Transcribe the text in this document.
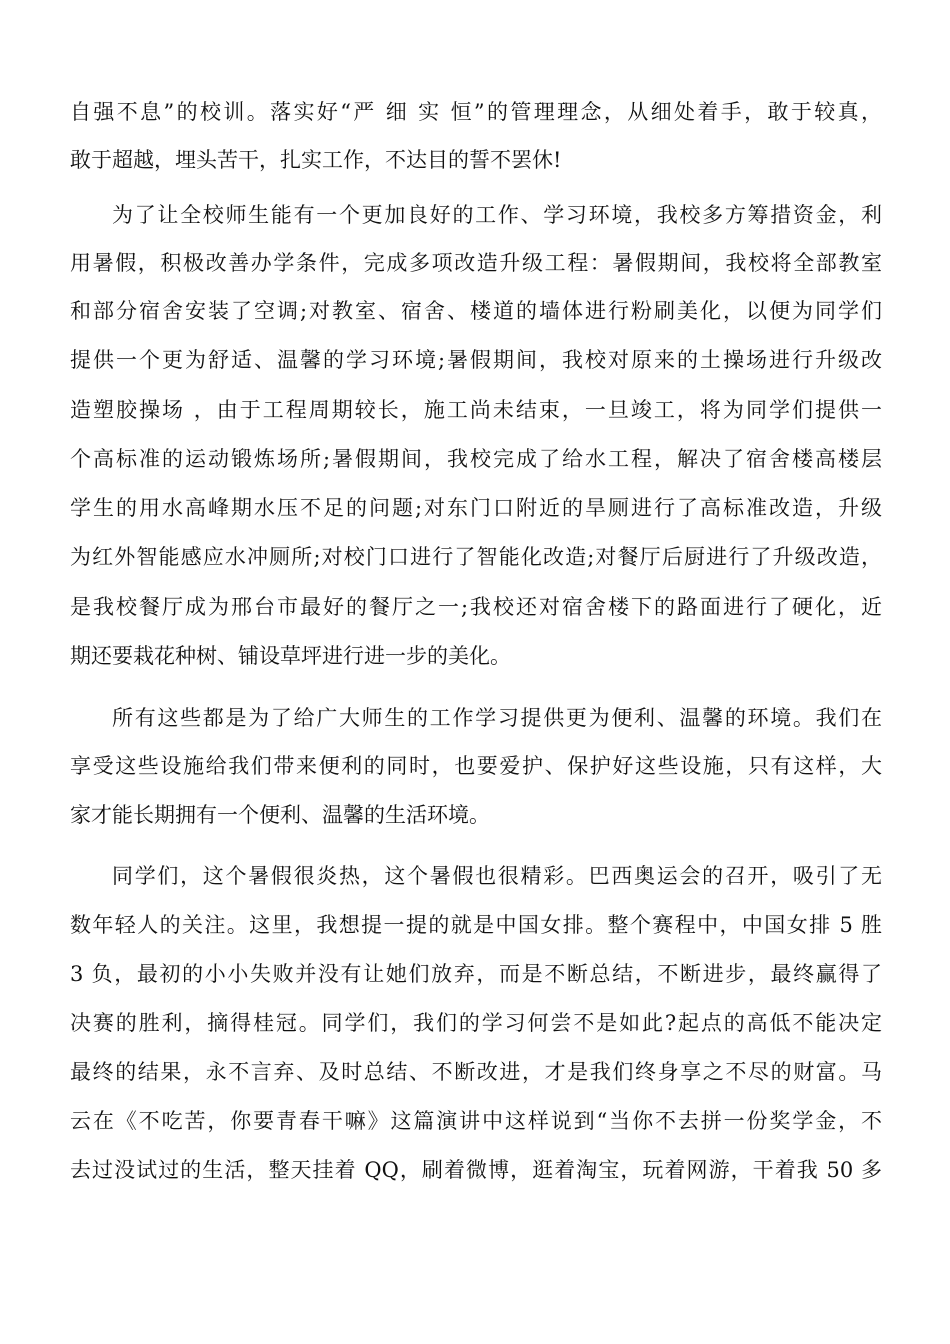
自强不息”的校训。落实好“严 细 实 恒”的管理理念，从细处着手，敢于较真，
敢于超越，埋头苦干，扎实工作，不达目的誓不罢休!
为了让全校师生能有一个更加良好的工作、学习环境，我校多方筹措资金，利
用暑假，积极改善办学条件，完成多项改造升级工程：暑假期间，我校将全部教室
和部分宿舍安装了空调;对教室、宿舍、楼道的墙体进行粉刷美化，以便为同学们
提供一个更为舒适、温馨的学习环境;暑假期间，我校对原来的土操场进行升级改
造塑胶操场 ，由于工程周期较长，施工尚未结束，一旦竣工，将为同学们提供一
个高标准的运动锻炼场所;暑假期间，我校完成了给水工程，解决了宿舍楼高楼层
学生的用水高峰期水压不足的问题;对东门口附近的旱厕进行了高标准改造，升级
为红外智能感应水冲厕所;对校门口进行了智能化改造;对餐厅后厨进行了升级改造，
是我校餐厅成为邢台市最好的餐厅之一;我校还对宿舍楼下的路面进行了硬化，近
期还要栽花种树、铺设草坪进行进一步的美化。
所有这些都是为了给广大师生的工作学习提供更为便利、温馨的环境。我们在
享受这些设施给我们带来便利的同时，也要爱护、保护好这些设施，只有这样，大
家才能长期拥有一个便利、温馨的生活环境。
同学们，这个暑假很炎热，这个暑假也很精彩。巴西奥运会的召开，吸引了无
数年轻人的关注。这里，我想提一提的就是中国女排。整个赛程中，中国女排 5 胜
3 负，最初的小小失败并没有让她们放弃，而是不断总结，不断进步，最终赢得了
决赛的胜利，摘得桂冠。同学们，我们的学习何尝不是如此?起点的高低不能决定
最终的结果，永不言弃、及时总结、不断改进，才是我们终身享之不尽的财富。马
云在《不吃苦，你要青春干嘛》这篇演讲中这样说到“当你不去拼一份奖学金，不
去过没试过的生活，整天挂着 QQ，刷着微博，逛着淘宝，玩着网游，干着我 50 多
